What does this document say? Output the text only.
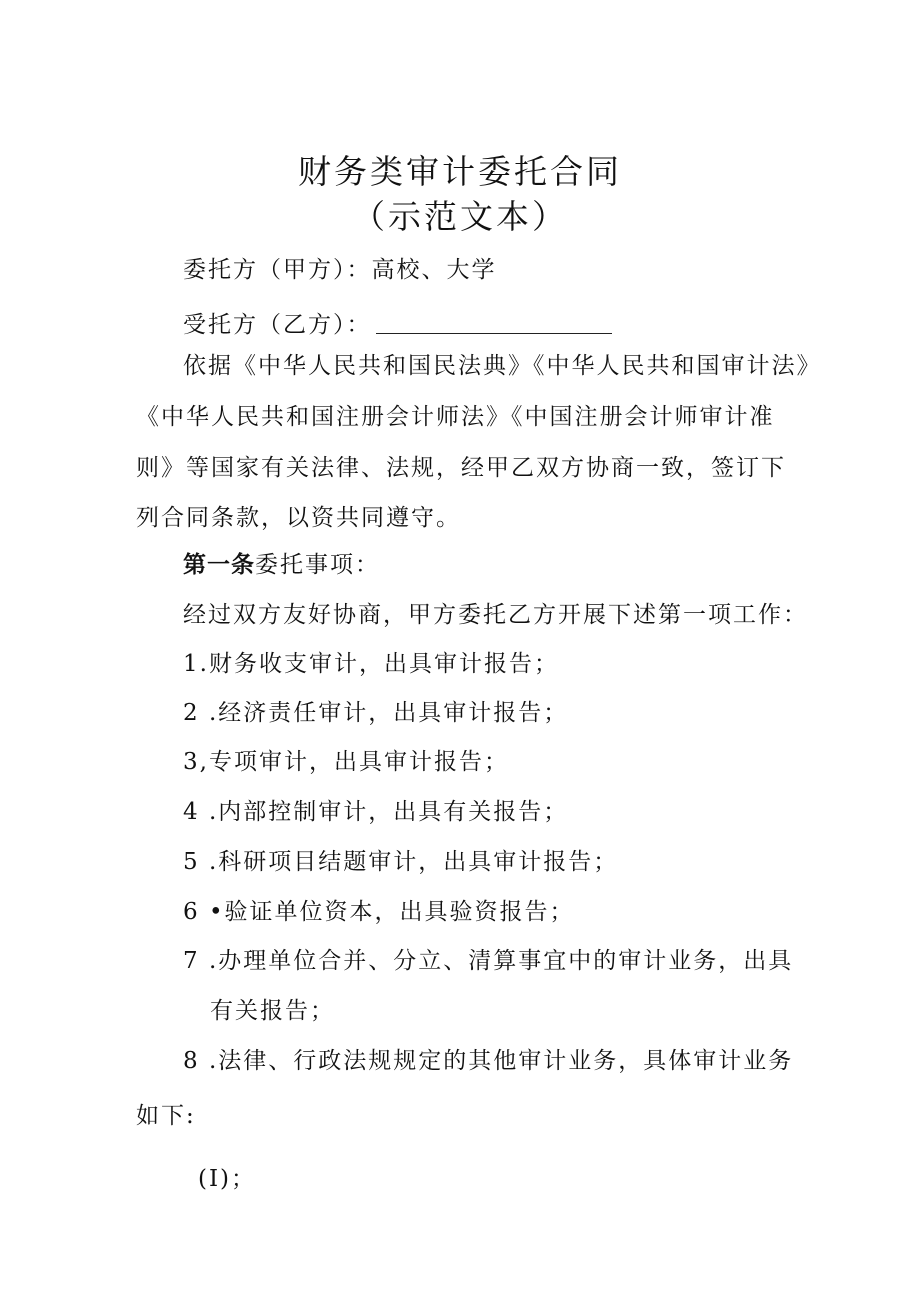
财务类审计委托合同
（示范文本）
委托方（甲方）：高校、大学
受托方（乙方）：
依据《中华人民共和国民法典》《中华人民共和国审计法》
《中华人民共和国注册会计师法》《中国注册会计师审计准
则》等国家有关法律、法规，经甲乙双方协商一致，签订下
列合同条款，以资共同遵守。
第一条委托事项：
经过双方友好协商，甲方委托乙方开展下述第一项工作：
1.财务收支审计，出具审计报告；
2 .经济责任审计，出具审计报告；
3,专项审计，出具审计报告；
4 .内部控制审计，出具有关报告；
5 .科研项目结题审计，出具审计报告；
6 •验证单位资本，出具验资报告；
7 .办理单位合并、分立、清算事宜中的审计业务，出具
有关报告；
8 .法律、行政法规规定的其他审计业务，具体审计业务
如下:
(I)；
